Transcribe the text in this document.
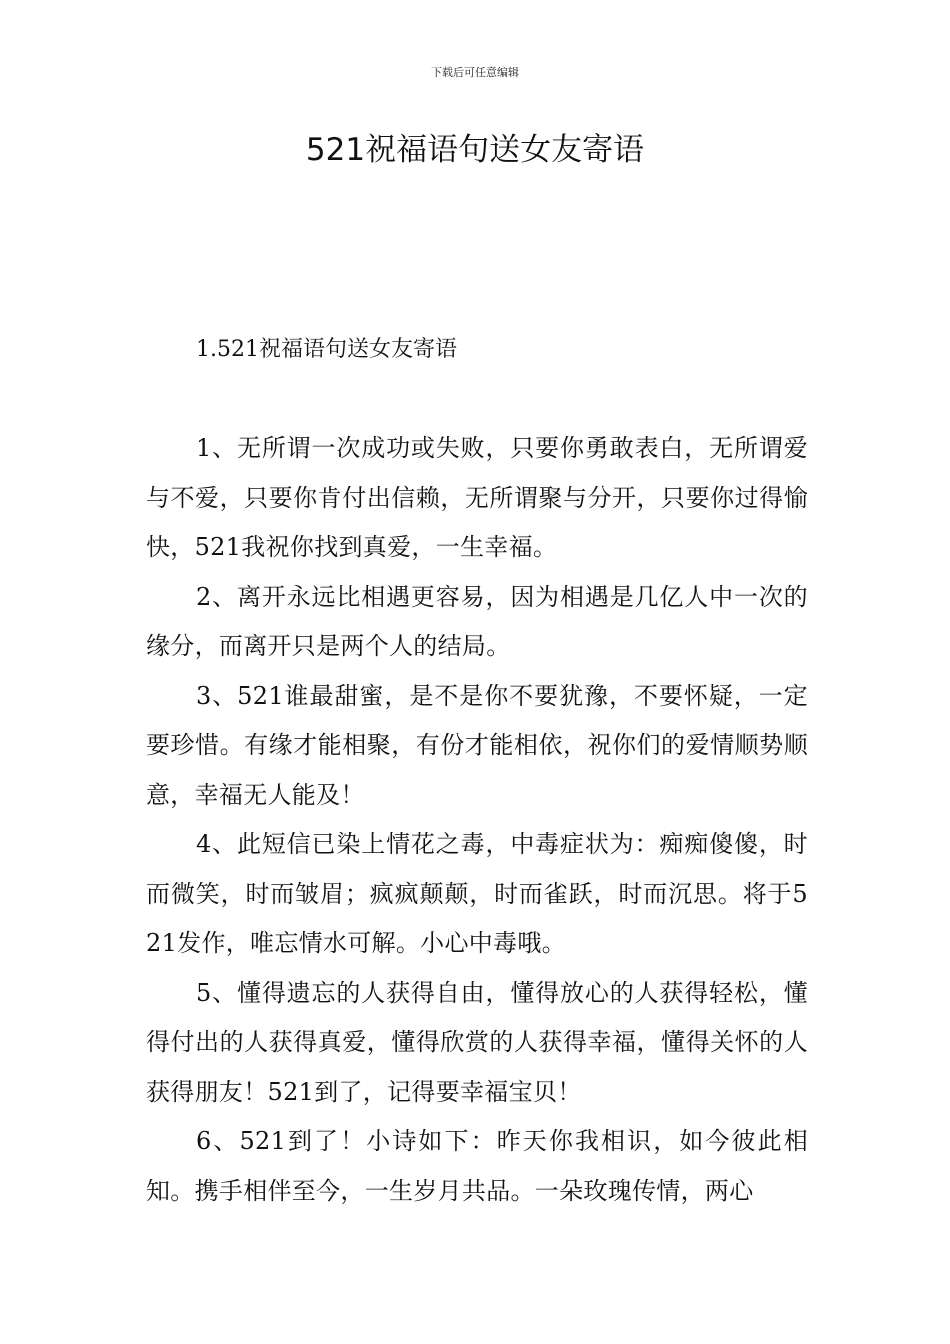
下载后可任意编辑
521祝福语句送女友寄语
1.521祝福语句送女友寄语

1、无所谓一次成功或失败，只要你勇敢表白，无所谓爱与不爱，只要你肯付出信赖，无所谓聚与分开，只要你过得愉快，521我祝你找到真爱，一生幸福。

2、离开永远比相遇更容易，因为相遇是几亿人中一次的缘分，而离开只是两个人的结局。

3、521谁最甜蜜，是不是你不要犹豫，不要怀疑，一定要珍惜。有缘才能相聚，有份才能相依，祝你们的爱情顺势顺意，幸福无人能及！

4、此短信已染上情花之毒，中毒症状为：痴痴傻傻，时而微笑，时而皱眉；疯疯颠颠，时而雀跃，时而沉思。将于521发作，唯忘情水可解。小心中毒哦。

5、懂得遗忘的人获得自由，懂得放心的人获得轻松，懂得付出的人获得真爱，懂得欣赏的人获得幸福，懂得关怀的人获得朋友！521到了，记得要幸福宝贝！

6、521到了！小诗如下：昨天你我相识，如今彼此相知。携手相伴至今，一生岁月共品。一朵玫瑰传情，两心
